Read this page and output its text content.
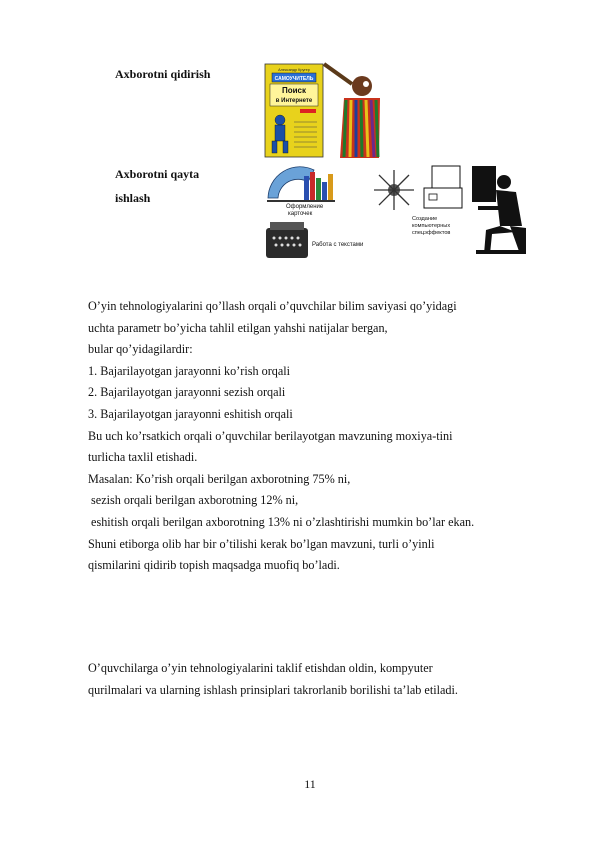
Axborotni qidirish
Axborotni qayta
ishlash
Александр Кругер
САМОУЧИТЕЛЬ
Поиск
в Интернете
Оформление
карточек
Работа с текстами
Создание
компьютерных
спецэффектов
O’yin tehnologiyalarini qo’llash orqali o’quvchilar bilim saviyasi qo’yidagi
uchta parametr bo’yicha tahlil etilgan yahshi natijalar bergan,
bular qo’yidagilardir:
1. Bajarilayotgan jarayonni ko’rish orqali
2. Bajarilayotgan jarayonni sezish orqali
3. Bajarilayotgan jarayonni eshitish orqali
Bu uch ko’rsatkich orqali o’quvchilar berilayotgan mavzuning moxiya-tini
turlicha taxlil etishadi.
Masalan: Ko’rish orqali berilgan axborotning 75% ni,
sezish orqali berilgan axborotning 12% ni,
eshitish orqali berilgan axborotning 13% ni o’zlashtirishi mumkin bo’lar ekan.
Shuni etiborga olib har bir o’tilishi kerak bo’lgan mavzuni, turli o’yinli
qismilarini qidirib topish maqsadga muofiq bo’ladi.
O’quvchilarga o’yin tehnologiyalarini taklif etishdan oldin, kompyuter
qurilmalari va ularning ishlash prinsiplari takrorlanib borilishi ta’lab etiladi.
11
